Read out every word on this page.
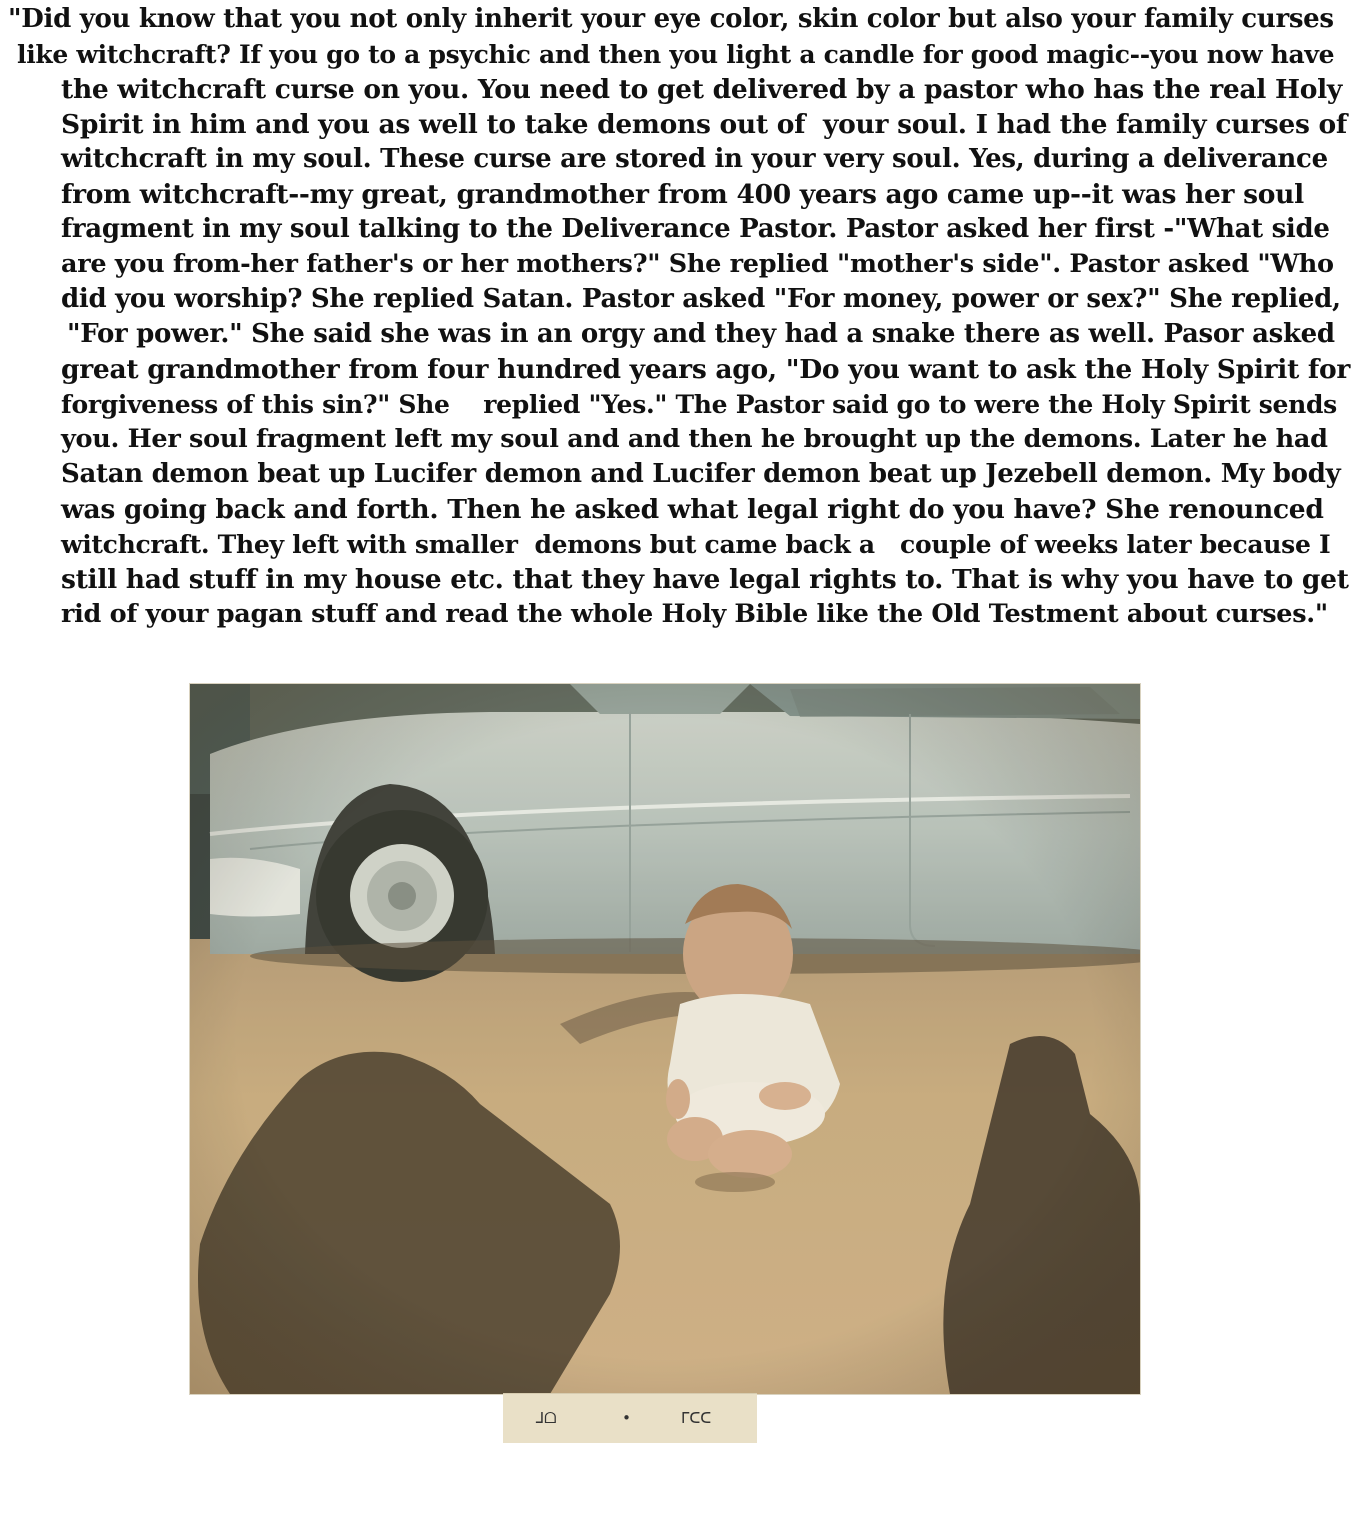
"Did you know that you not only inherit your eye color, skin color but also your family curses
like witchcraft? If you go to a psychic and then you light a candle for good magic--you now have
the witchcraft curse on you. You need to get delivered by a pastor who has the real Holy
Spirit in him and you as well to take demons out of  your soul. I had the family curses of
witchcraft in my soul. These curse are stored in your very soul. Yes, during a deliverance
from witchcraft--my great, grandmother from 400 years ago came up--it was her soul
fragment in my soul talking to the Deliverance Pastor. Pastor asked her first -"What side
are you from-her father's or her mothers?" She replied "mother's side". Pastor asked "Who
did you worship? She replied Satan. Pastor asked "For money, power or sex?" She replied,
"For power." She said she was in an orgy and they had a snake there as well. Pasor asked
great grandmother from four hundred years ago, "Do you want to ask the Holy Spirit for
forgiveness of this sin?" She    replied "Yes." The Pastor said go to were the Holy Spirit sends
you. Her soul fragment left my soul and and then he brought up the demons. Later he had
Satan demon beat up Lucifer demon and Lucifer demon beat up Jezebell demon. My body
was going back and forth. Then he asked what legal right do you have? She renounced
witchcraft. They left with smaller  demons but came back a   couple of weeks later because I
still had stuff in my house etc. that they have legal rights to. That is why you have to get
rid of your pagan stuff and read the whole Holy Bible like the Old Testment about curses."
ᒧᗝ	•	ᒥᑕᑕ
